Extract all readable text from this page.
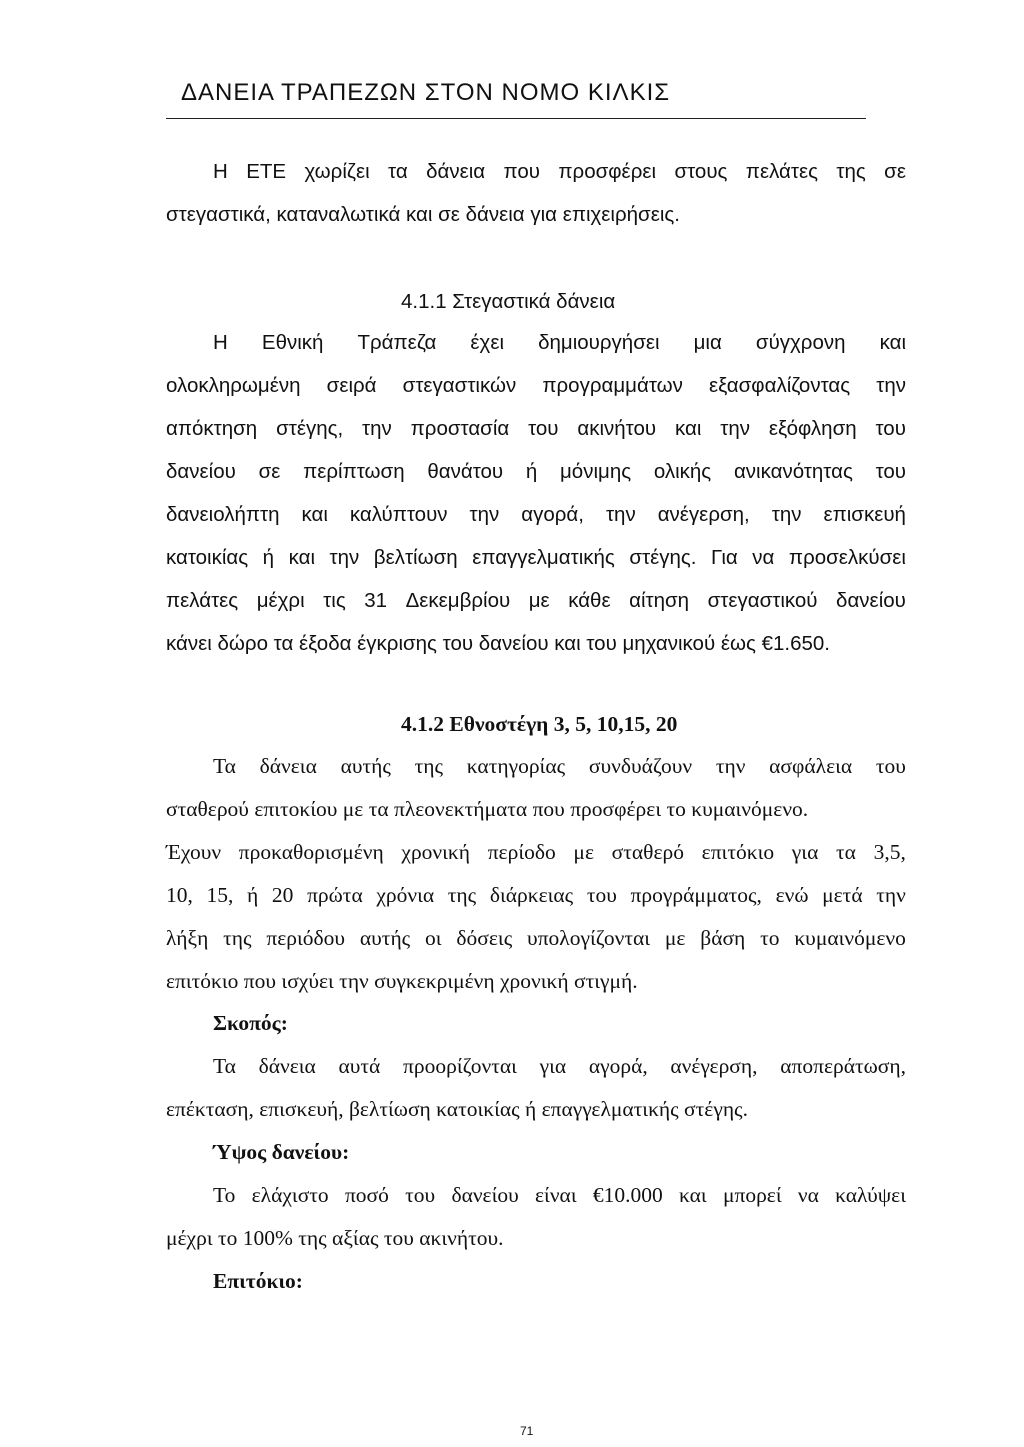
ΔΑΝΕΙΑ ΤΡΑΠΕΖΩΝ ΣΤΟΝ ΝΟΜΟ ΚΙΛΚΙΣ
Η ΕΤΕ χωρίζει τα δάνεια που προσφέρει στους πελάτες της σε
στεγαστικά, καταναλωτικά και σε δάνεια για επιχειρήσεις.
4.1.1 Στεγαστικά δάνεια
Η Εθνική Τράπεζα έχει δημιουργήσει μια σύγχρονη και
ολοκληρωμένη σειρά στεγαστικών προγραμμάτων εξασφαλίζοντας την
απόκτηση στέγης, την προστασία του ακινήτου και την εξόφληση του
δανείου σε περίπτωση θανάτου ή μόνιμης ολικής ανικανότητας του
δανειολήπτη και καλύπτουν την αγορά, την ανέγερση, την επισκευή
κατοικίας ή και την βελτίωση επαγγελματικής στέγης. Για να προσελκύσει
πελάτες μέχρι τις 31 Δεκεμβρίου με κάθε αίτηση στεγαστικού δανείου
κάνει δώρο τα έξοδα έγκρισης του δανείου και του μηχανικού έως €1.650.
4.1.2 Εθνοστέγη 3, 5, 10,15, 20
Τα δάνεια αυτής της κατηγορίας συνδυάζουν την ασφάλεια του
σταθερού επιτοκίου με τα πλεονεκτήματα που προσφέρει το κυμαινόμενο.
Έχουν προκαθορισμένη χρονική περίοδο με σταθερό επιτόκιο για τα 3,5,
10, 15, ή 20 πρώτα χρόνια της διάρκειας του προγράμματος, ενώ μετά την
λήξη της περιόδου αυτής οι δόσεις υπολογίζονται με βάση το κυμαινόμενο
επιτόκιο που ισχύει την συγκεκριμένη χρονική στιγμή.
Σκοπός:
Τα δάνεια αυτά προορίζονται για αγορά, ανέγερση, αποπεράτωση,
επέκταση, επισκευή, βελτίωση κατοικίας ή επαγγελματικής στέγης.
Ύψος δανείου:
Το ελάχιστο ποσό του δανείου είναι €10.000 και μπορεί να καλύψει
μέχρι το 100% της αξίας του ακινήτου.
Επιτόκιο:
71
